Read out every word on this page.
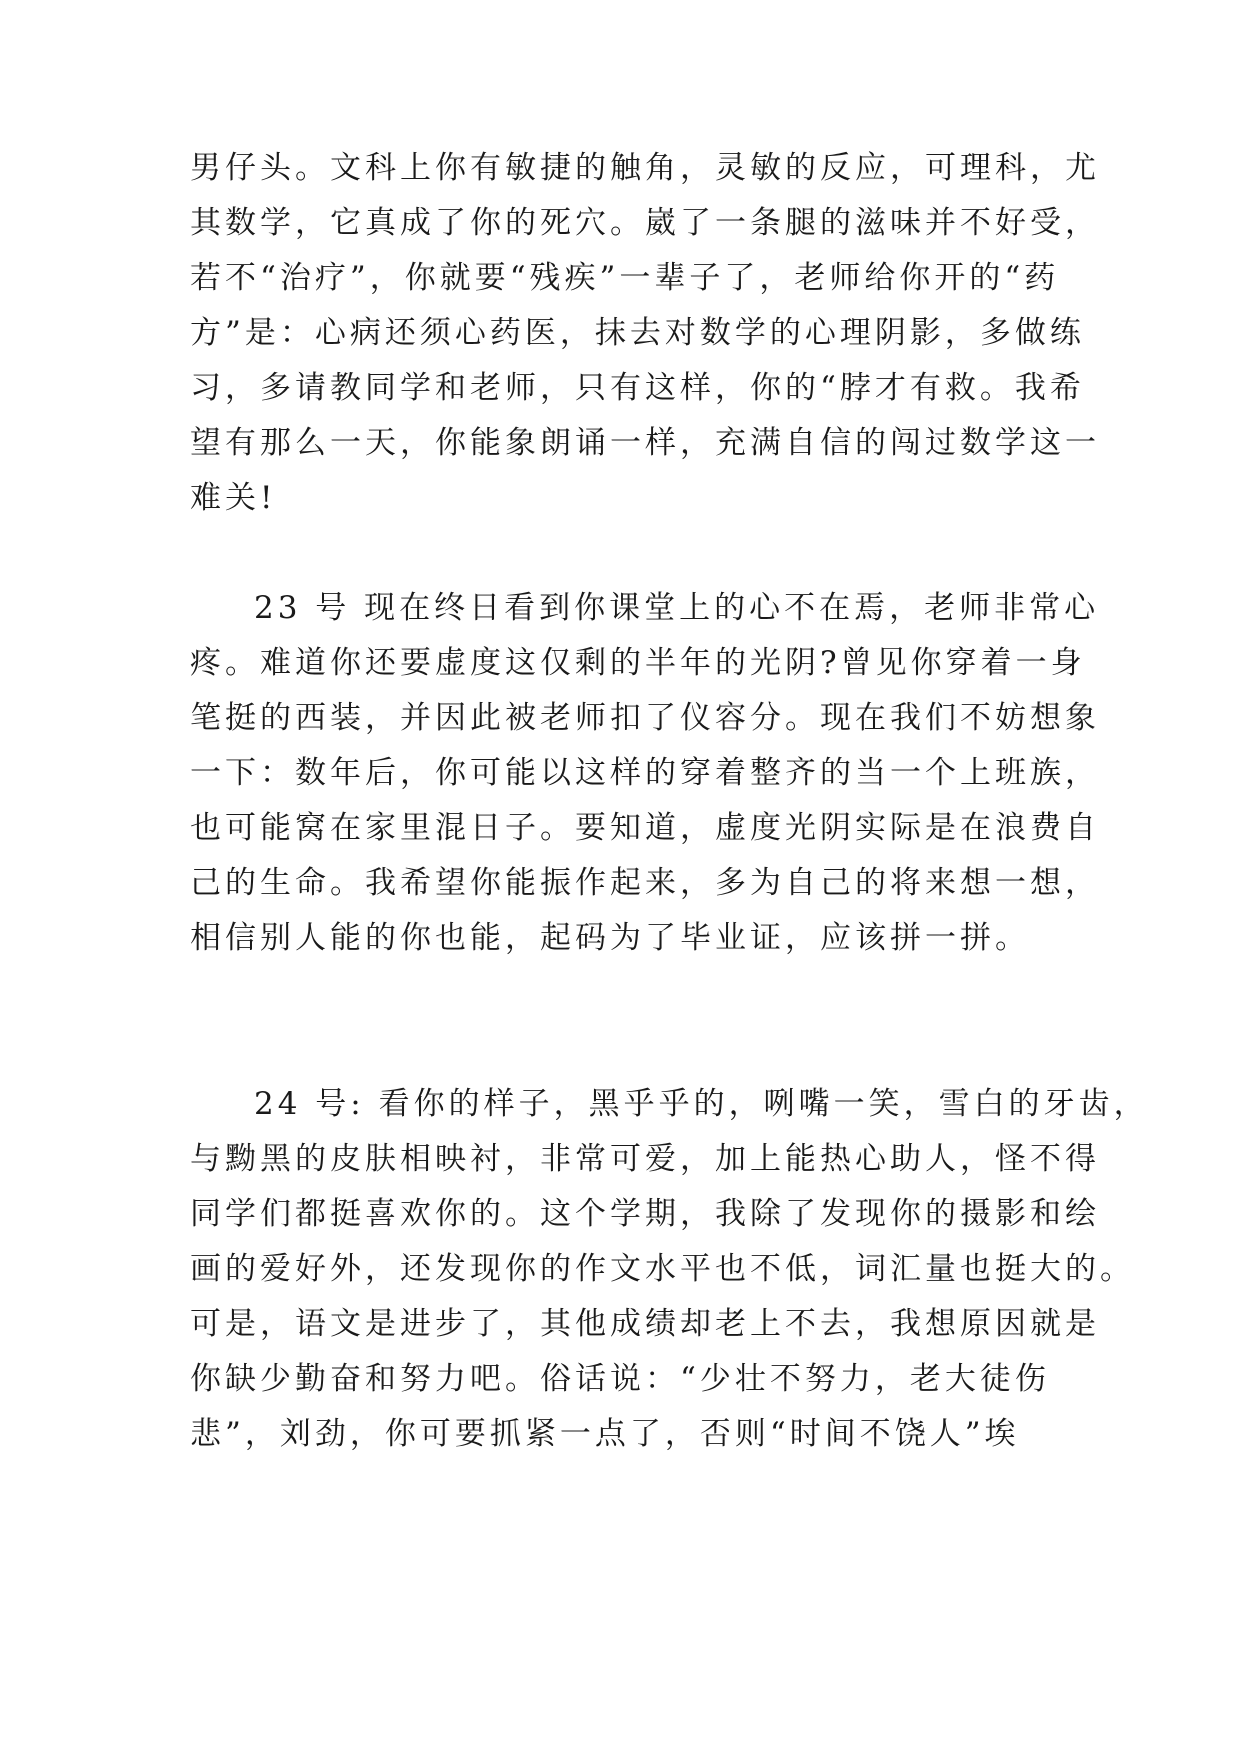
男仔头。文科上你有敏捷的触角，灵敏的反应，可理科，尤
其数学，它真成了你的死穴。崴了一条腿的滋味并不好受，
若不“治疗”，你就要“残疾”一辈子了，老师给你开的“药
方”是：心病还须心药医，抹去对数学的心理阴影，多做练
习，多请教同学和老师，只有这样，你的“脖才有救。我希
望有那么一天，你能象朗诵一样，充满自信的闯过数学这一
难关!
23 号 现在终日看到你课堂上的心不在焉，老师非常心
疼。难道你还要虚度这仅剩的半年的光阴?曾见你穿着一身
笔挺的西装，并因此被老师扣了仪容分。现在我们不妨想象
一下：数年后，你可能以这样的穿着整齐的当一个上班族，
也可能窝在家里混日子。要知道，虚度光阴实际是在浪费自
己的生命。我希望你能振作起来，多为自己的将来想一想，
相信别人能的你也能，起码为了毕业证，应该拼一拼。
24 号: 看你的样子，黑乎乎的，咧嘴一笑，雪白的牙齿，
与黝黑的皮肤相映衬，非常可爱，加上能热心助人，怪不得
同学们都挺喜欢你的。这个学期，我除了发现你的摄影和绘
画的爱好外，还发现你的作文水平也不低，词汇量也挺大的。
可是，语文是进步了，其他成绩却老上不去，我想原因就是
你缺少勤奋和努力吧。俗话说：“少壮不努力，老大徒伤
悲”，刘劲，你可要抓紧一点了，否则“时间不饶人”埃
